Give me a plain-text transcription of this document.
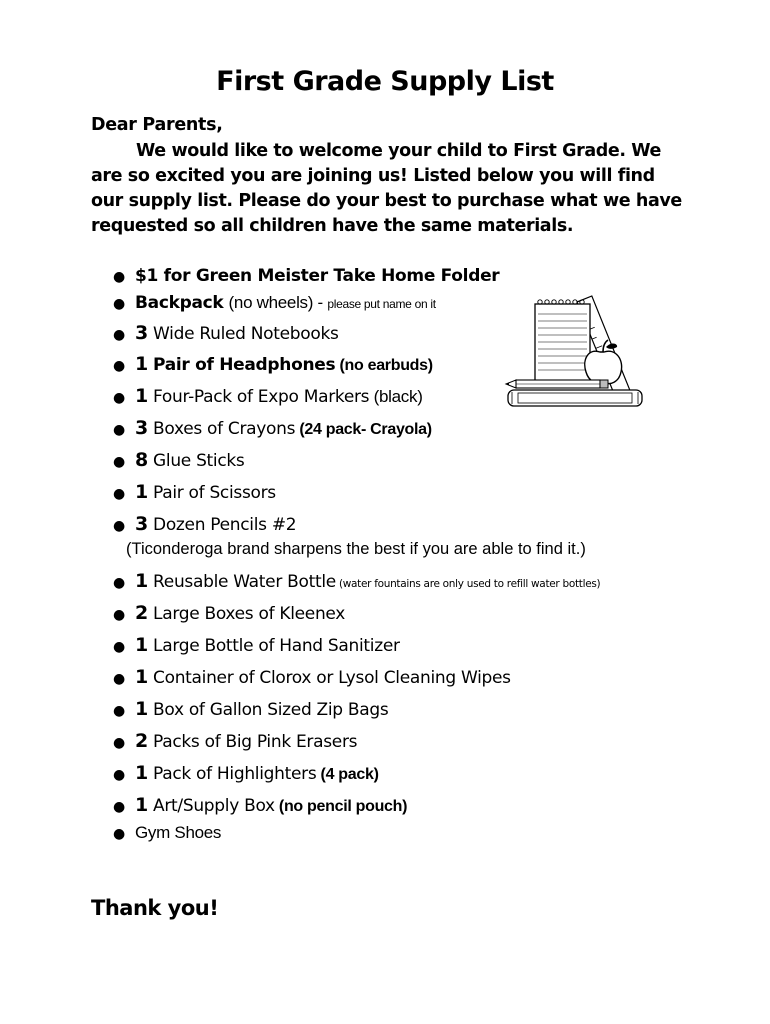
First Grade Supply List
Dear Parents,

We would like to welcome your child to First Grade. We are so excited you are joining us! Listed below you will find our supply list. Please do your best to purchase what we have requested so all children have the same materials.

● $1 for Green Meister Take Home Folder
● Backpack (no wheels) - please put name on it
● 3 Wide Ruled Notebooks
● 1 Pair of Headphones (no earbuds)
● 1 Four-Pack of Expo Markers (black)
● 3 Boxes of Crayons (24 pack- Crayola)
● 8 Glue Sticks
● 1 Pair of Scissors
● 3 Dozen Pencils #2
(Ticonderoga brand sharpens the best if you are able to find it.)
● 1 Reusable Water Bottle (water fountains are only used to refill water bottles)
● 2 Large Boxes of Kleenex
● 1 Large Bottle of Hand Sanitizer
● 1 Container of Clorox or Lysol Cleaning Wipes
● 1 Box of Gallon Sized Zip Bags
● 2 Packs of Big Pink Erasers
● 1 Pack of Highlighters (4 pack)
● 1 Art/Supply Box (no pencil pouch)
● Gym Shoes
Thank you!
